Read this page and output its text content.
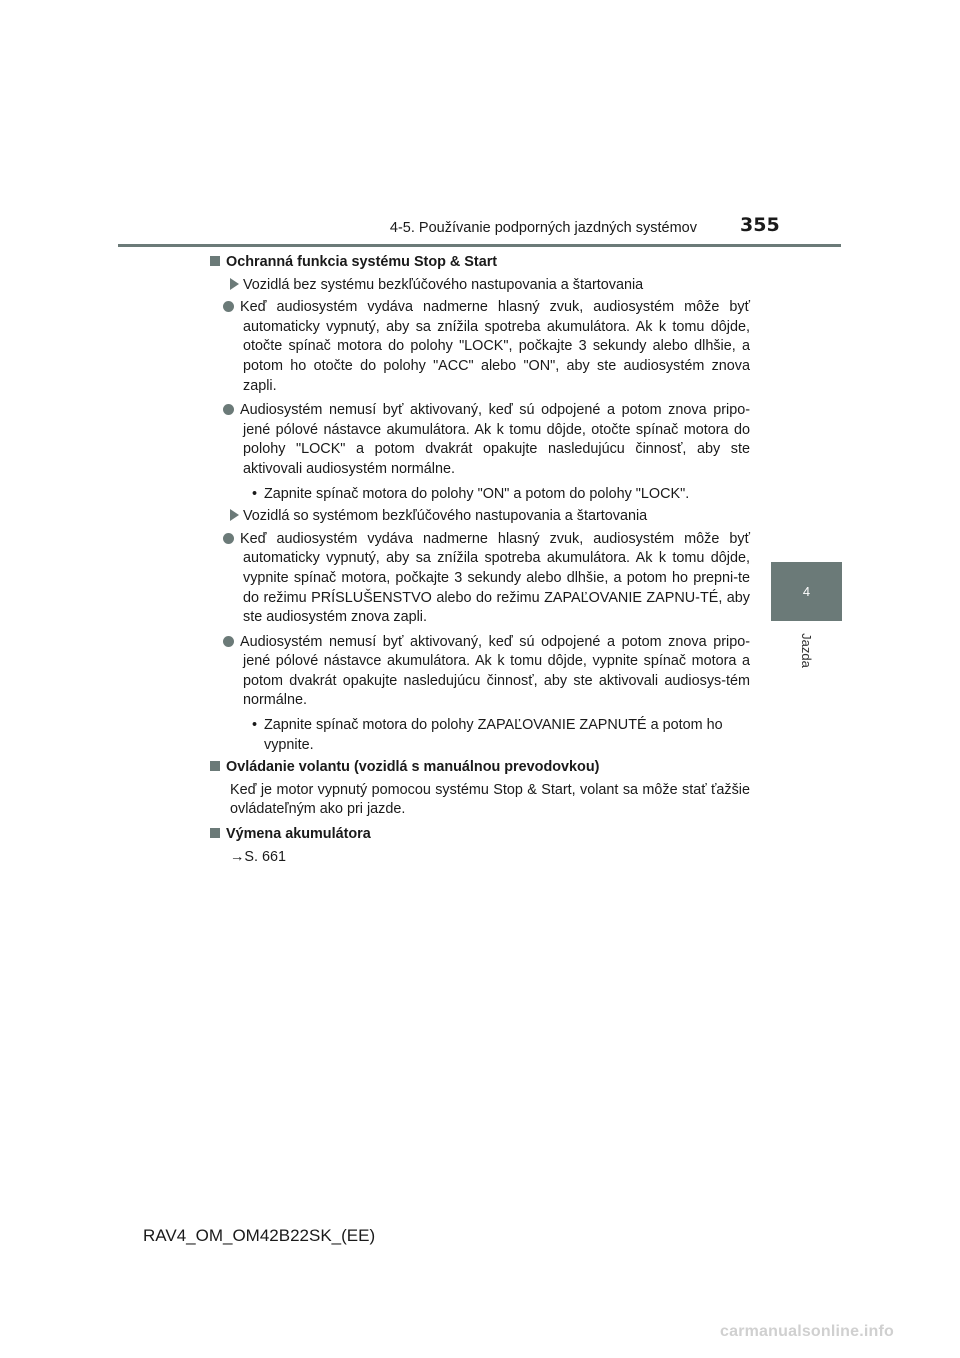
4-5. Používanie podporných jazdných systémov 355
4
Jazda

Ochranná funkcia systému Stop & Start

Vozidlá bez systému bezkľúčového nastupovania a štartovania

Keď audiosystém vydáva nadmerne hlasný zvuk, audiosystém môže byť automaticky vypnutý, aby sa znížila spotreba akumulátora. Ak k tomu dôjde, otočte spínač motora do polohy "LOCK", počkajte 3 sekundy alebo dlhšie, a potom ho otočte do polohy "ACC" alebo "ON", aby ste audiosystém znova zapli.

Audiosystém nemusí byť aktivovaný, keď sú odpojené a potom znova pripo-jené pólové nástavce akumulátora. Ak k tomu dôjde, otočte spínač motora do polohy "LOCK" a potom dvakrát opakujte nasledujúcu činnosť, aby ste aktivovali audiosystém normálne.

• Zapnite spínač motora do polohy "ON" a potom do polohy "LOCK".

Vozidlá so systémom bezkľúčového nastupovania a štartovania

Keď audiosystém vydáva nadmerne hlasný zvuk, audiosystém môže byť automaticky vypnutý, aby sa znížila spotreba akumulátora. Ak k tomu dôjde, vypnite spínač motora, počkajte 3 sekundy alebo dlhšie, a potom ho prepni-te do režimu PRÍSLUŠENSTVO alebo do režimu ZAPAĽOVANIE ZAPNU-TÉ, aby ste audiosystém znova zapli.

Audiosystém nemusí byť aktivovaný, keď sú odpojené a potom znova pripo-jené pólové nástavce akumulátora. Ak k tomu dôjde, vypnite spínač motora a potom dvakrát opakujte nasledujúcu činnosť, aby ste aktivovali audiosys-tém normálne.

• Zapnite spínač motora do polohy ZAPAĽOVANIE ZAPNUTÉ a potom ho vypnite.

Ovládanie volantu (vozidlá s manuálnou prevodovkou)

Keď je motor vypnutý pomocou systému Stop & Start, volant sa môže stať ťažšie ovládateľným ako pri jazde.

Výmena akumulátora

→S. 661

RAV4_OM_OM42B22SK_(EE)
carmanualsonline.info
